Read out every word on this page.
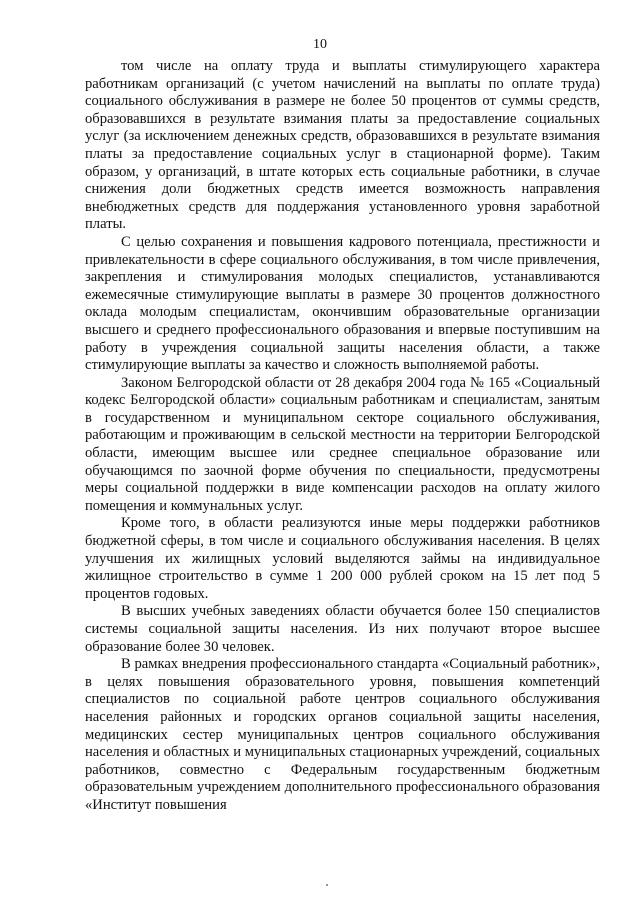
10

том числе на оплату труда и выплаты стимулирующего характера работникам организаций (с учетом начислений на выплаты по оплате труда) социального обслуживания в размере не более 50 процентов от суммы средств, образовавшихся в результате взимания платы за предоставление социальных услуг (за исключением денежных средств, образовавшихся в результате взимания платы за предоставление социальных услуг в стационарной форме). Таким образом, у организаций, в штате которых есть социальные работники, в случае снижения доли бюджетных средств имеется возможность направления внебюджетных средств для поддержания установленного уровня заработной платы.

С целью сохранения и повышения кадрового потенциала, престижности и привлекательности в сфере социального обслуживания, в том числе привлечения, закрепления и стимулирования молодых специалистов, устанавливаются ежемесячные стимулирующие выплаты в размере 30 процентов должностного оклада молодым специалистам, окончившим образовательные организации высшего и среднего профессионального образования и впервые поступившим на работу в учреждения социальной защиты населения области, а также стимулирующие выплаты за качество и сложность выполняемой работы.

Законом Белгородской области от 28 декабря 2004 года № 165 «Социальный кодекс Белгородской области» социальным работникам и специалистам, занятым в государственном и муниципальном секторе социального обслуживания, работающим и проживающим в сельской местности на территории Белгородской области, имеющим высшее или среднее специальное образование или обучающимся по заочной форме обучения по специальности, предусмотрены меры социальной поддержки в виде компенсации расходов на оплату жилого помещения и коммунальных услуг.

Кроме того, в области реализуются иные меры поддержки работников бюджетной сферы, в том числе и социального обслуживания населения. В целях улучшения их жилищных условий выделяются займы на индивидуальное жилищное строительство в сумме 1 200 000 рублей сроком на 15 лет под 5 процентов годовых.

В высших учебных заведениях области обучается более 150 специалистов системы социальной защиты населения. Из них получают второе высшее образование более 30 человек.

В рамках внедрения профессионального стандарта «Социальный работник», в целях повышения образовательного уровня, повышения компетенций специалистов по социальной работе центров социального обслуживания населения районных и городских органов социальной защиты населения, медицинских сестер муниципальных центров социального обслуживания населения и областных и муниципальных стационарных учреждений, социальных работников, совместно с Федеральным государственным бюджетным образовательным учреждением дополнительного профессионального образования «Институт повышения
